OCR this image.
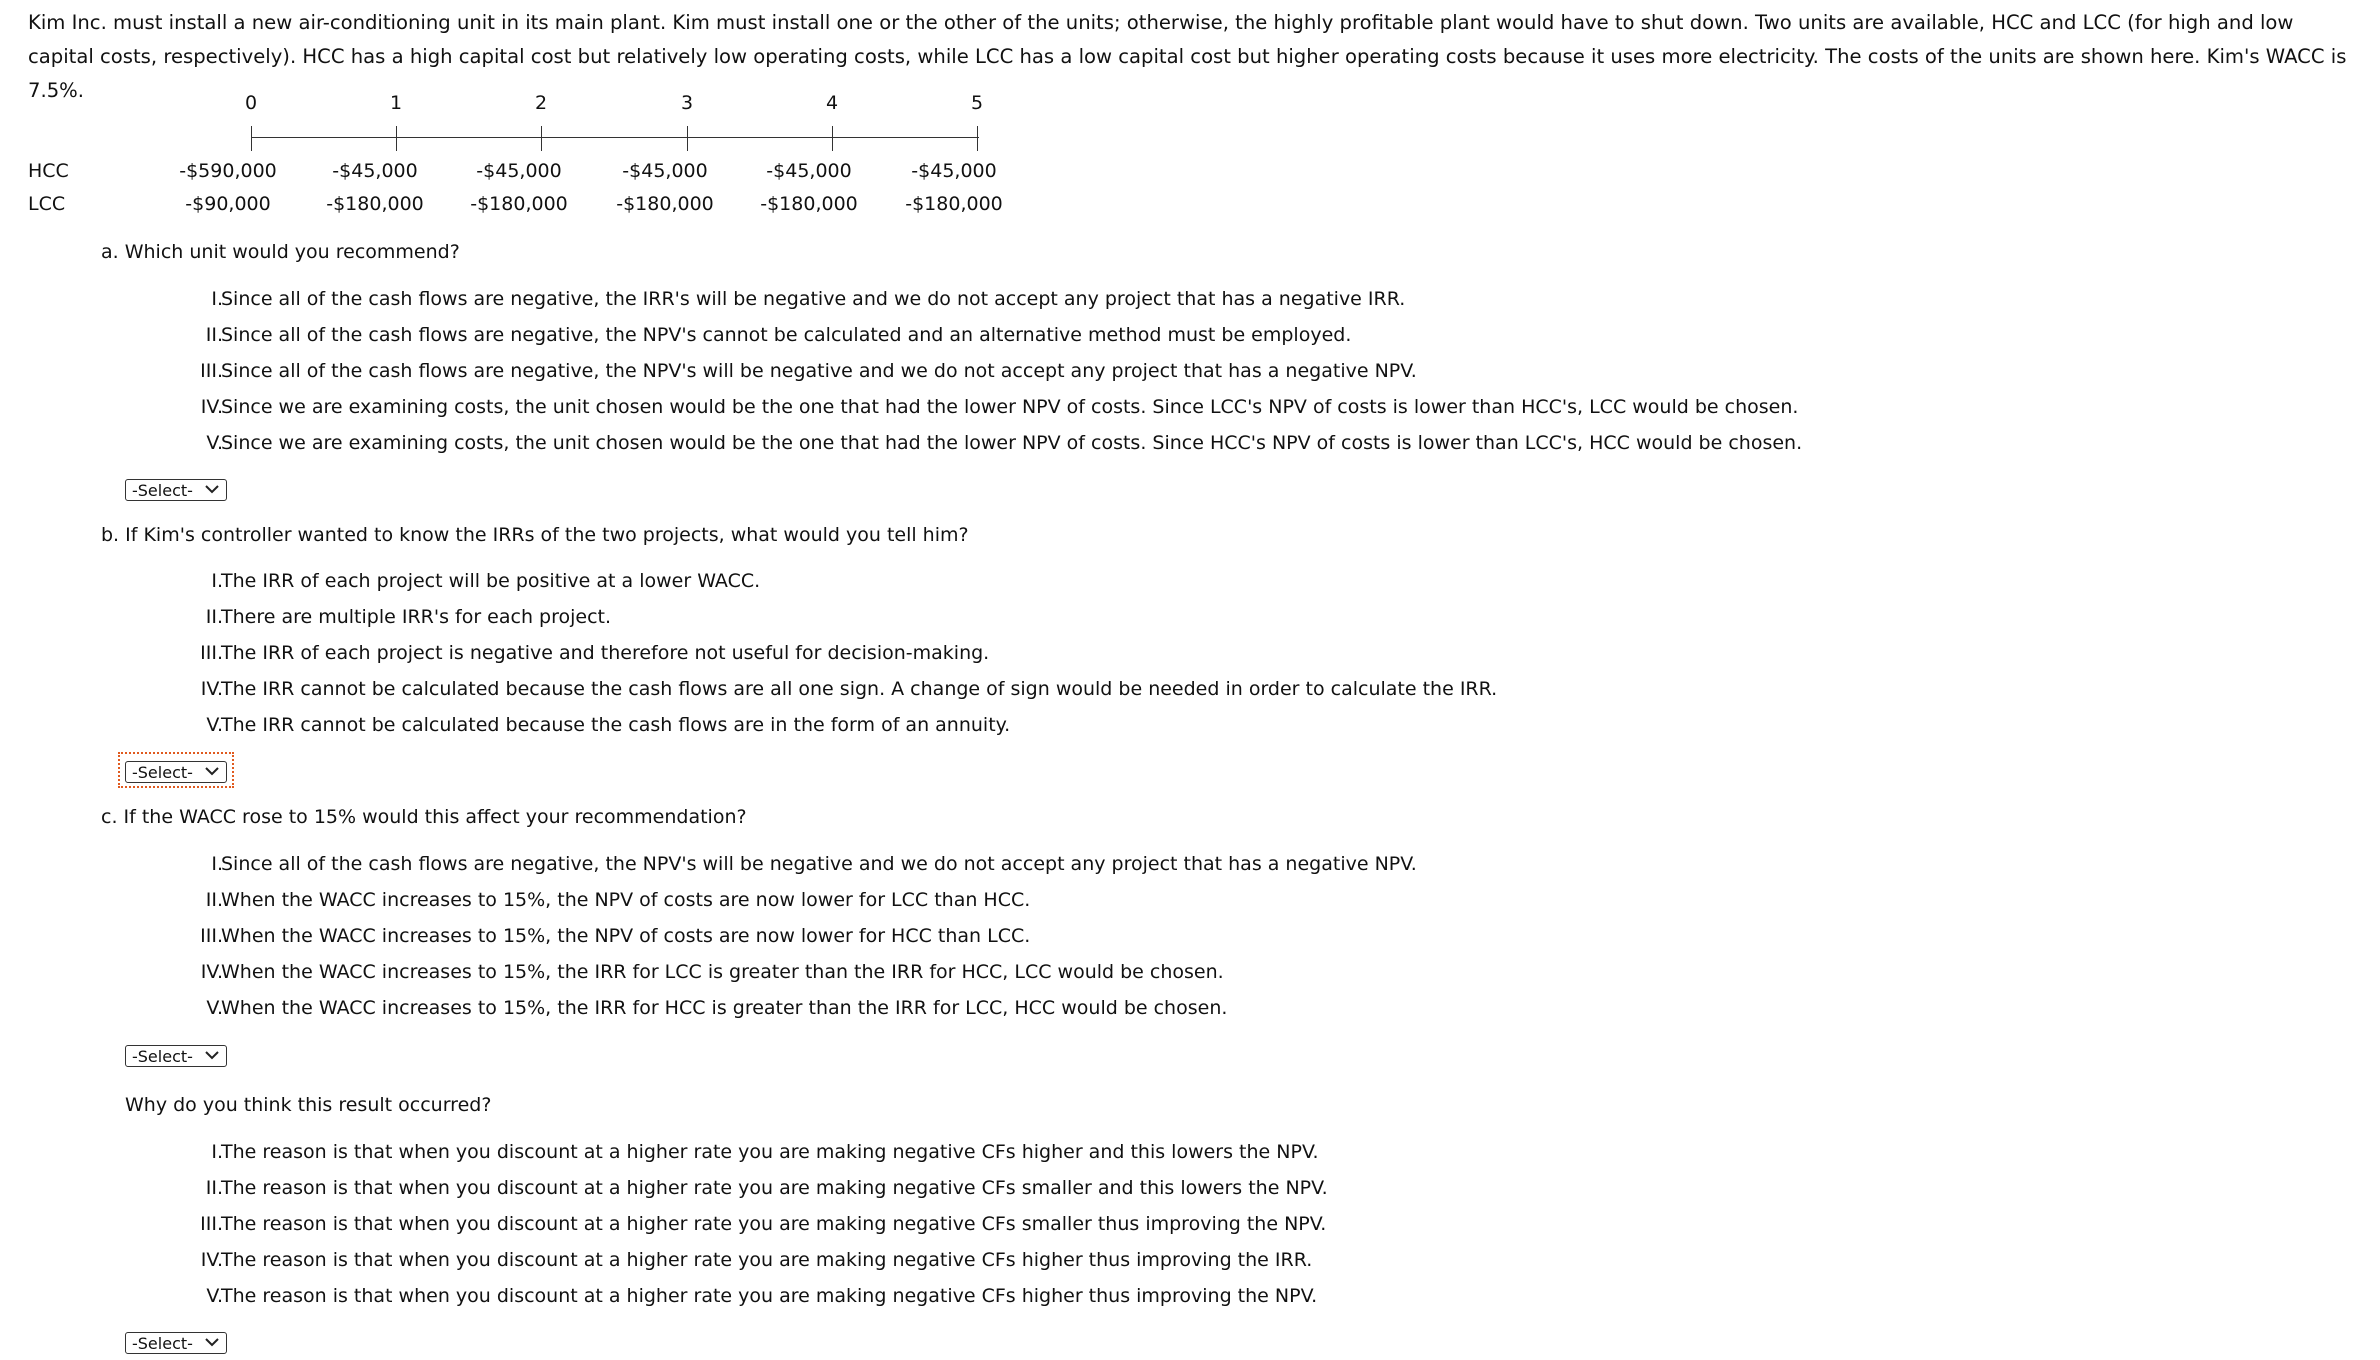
Kim Inc. must install a new air-conditioning unit in its main plant. Kim must install one or the other of the units; otherwise, the highly profitable plant would have to shut down. Two units are available, HCC and LCC (for high and low capital costs, respectively). HCC has a high capital cost but relatively low operating costs, while LCC has a low capital cost but higher operating costs because it uses more electricity. The costs of the units are shown here. Kim's WACC is 7.5%.
0	1	2	3	4	5
HCC	-$590,000	-$45,000	-$45,000	-$45,000	-$45,000	-$45,000
LCC	-$90,000	-$180,000	-$180,000	-$180,000	-$180,000	-$180,000
a. Which unit would you recommend?
I.
Since all of the cash flows are negative, the IRR's will be negative and we do not accept any project that has a negative IRR.
II.
Since all of the cash flows are negative, the NPV's cannot be calculated and an alternative method must be employed.
III.
Since all of the cash flows are negative, the NPV's will be negative and we do not accept any project that has a negative NPV.
IV.
Since we are examining costs, the unit chosen would be the one that had the lower NPV of costs. Since LCC's NPV of costs is lower than HCC's, LCC would be chosen.
V.
Since we are examining costs, the unit chosen would be the one that had the lower NPV of costs. Since HCC's NPV of costs is lower than LCC's, HCC would be chosen.
-Select-
b. If Kim's controller wanted to know the IRRs of the two projects, what would you tell him?
I.
The IRR of each project will be positive at a lower WACC.
II.
There are multiple IRR's for each project.
III.
The IRR of each project is negative and therefore not useful for decision-making.
IV.
The IRR cannot be calculated because the cash flows are all one sign. A change of sign would be needed in order to calculate the IRR.
V.
The IRR cannot be calculated because the cash flows are in the form of an annuity.
-Select-
c. If the WACC rose to 15% would this affect your recommendation?
I.
Since all of the cash flows are negative, the NPV's will be negative and we do not accept any project that has a negative NPV.
II.
When the WACC increases to 15%, the NPV of costs are now lower for LCC than HCC.
III.
When the WACC increases to 15%, the NPV of costs are now lower for HCC than LCC.
IV.
When the WACC increases to 15%, the IRR for LCC is greater than the IRR for HCC, LCC would be chosen.
V.
When the WACC increases to 15%, the IRR for HCC is greater than the IRR for LCC, HCC would be chosen.
-Select-
Why do you think this result occurred?
I.
The reason is that when you discount at a higher rate you are making negative CFs higher and this lowers the NPV.
II.
The reason is that when you discount at a higher rate you are making negative CFs smaller and this lowers the NPV.
III.
The reason is that when you discount at a higher rate you are making negative CFs smaller thus improving the NPV.
IV.
The reason is that when you discount at a higher rate you are making negative CFs higher thus improving the IRR.
V.
The reason is that when you discount at a higher rate you are making negative CFs higher thus improving the NPV.
-Select-
